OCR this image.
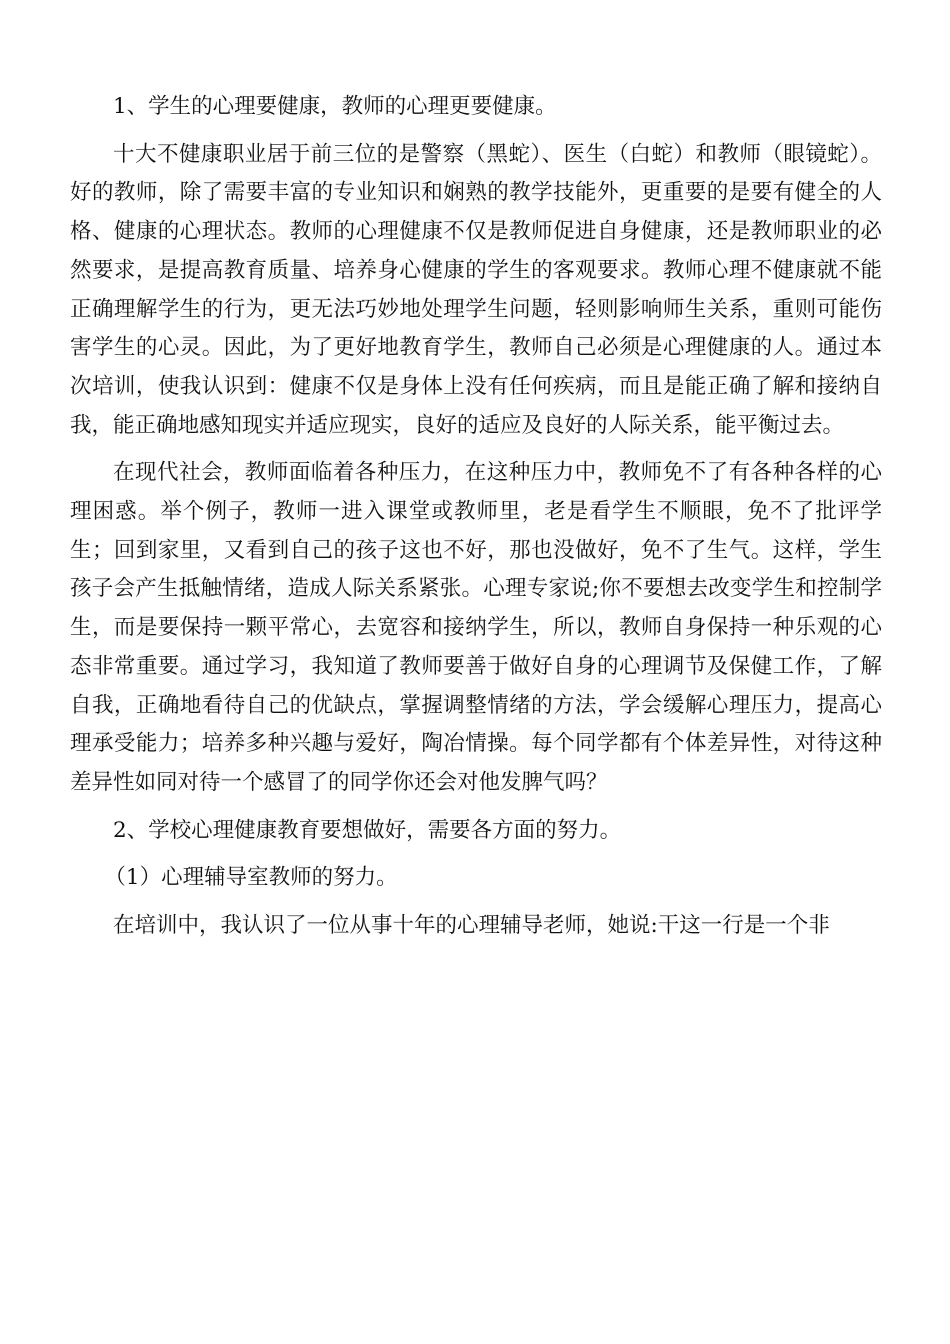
1、学生的心理要健康，教师的心理更要健康。

十大不健康职业居于前三位的是警察（黑蛇）、医生（白蛇）和教师（眼镜蛇）。好的教师，除了需要丰富的专业知识和娴熟的教学技能外，更重要的是要有健全的人格、健康的心理状态。教师的心理健康不仅是教师促进自身健康，还是教师职业的必然要求，是提高教育质量、培养身心健康的学生的客观要求。教师心理不健康就不能正确理解学生的行为，更无法巧妙地处理学生问题，轻则影响师生关系，重则可能伤害学生的心灵。因此，为了更好地教育学生，教师自己必须是心理健康的人。通过本次培训，使我认识到：健康不仅是身体上没有任何疾病，而且是能正确了解和接纳自我，能正确地感知现实并适应现实，良好的适应及良好的人际关系，能平衡过去。

在现代社会，教师面临着各种压力，在这种压力中，教师免不了有各种各样的心理困惑。举个例子，教师一进入课堂或教师里，老是看学生不顺眼，免不了批评学生；回到家里，又看到自己的孩子这也不好，那也没做好，免不了生气。这样，学生孩子会产生抵触情绪，造成人际关系紧张。心理专家说;你不要想去改变学生和控制学生，而是要保持一颗平常心，去宽容和接纳学生，所以，教师自身保持一种乐观的心态非常重要。通过学习，我知道了教师要善于做好自身的心理调节及保健工作，了解自我，正确地看待自己的优缺点，掌握调整情绪的方法，学会缓解心理压力，提高心理承受能力；培养多种兴趣与爱好，陶冶情操。每个同学都有个体差异性，对待这种差异性如同对待一个感冒了的同学你还会对他发脾气吗？

2、学校心理健康教育要想做好，需要各方面的努力。

（1）心理辅导室教师的努力。

在培训中，我认识了一位从事十年的心理辅导老师，她说:干这一行是一个非
